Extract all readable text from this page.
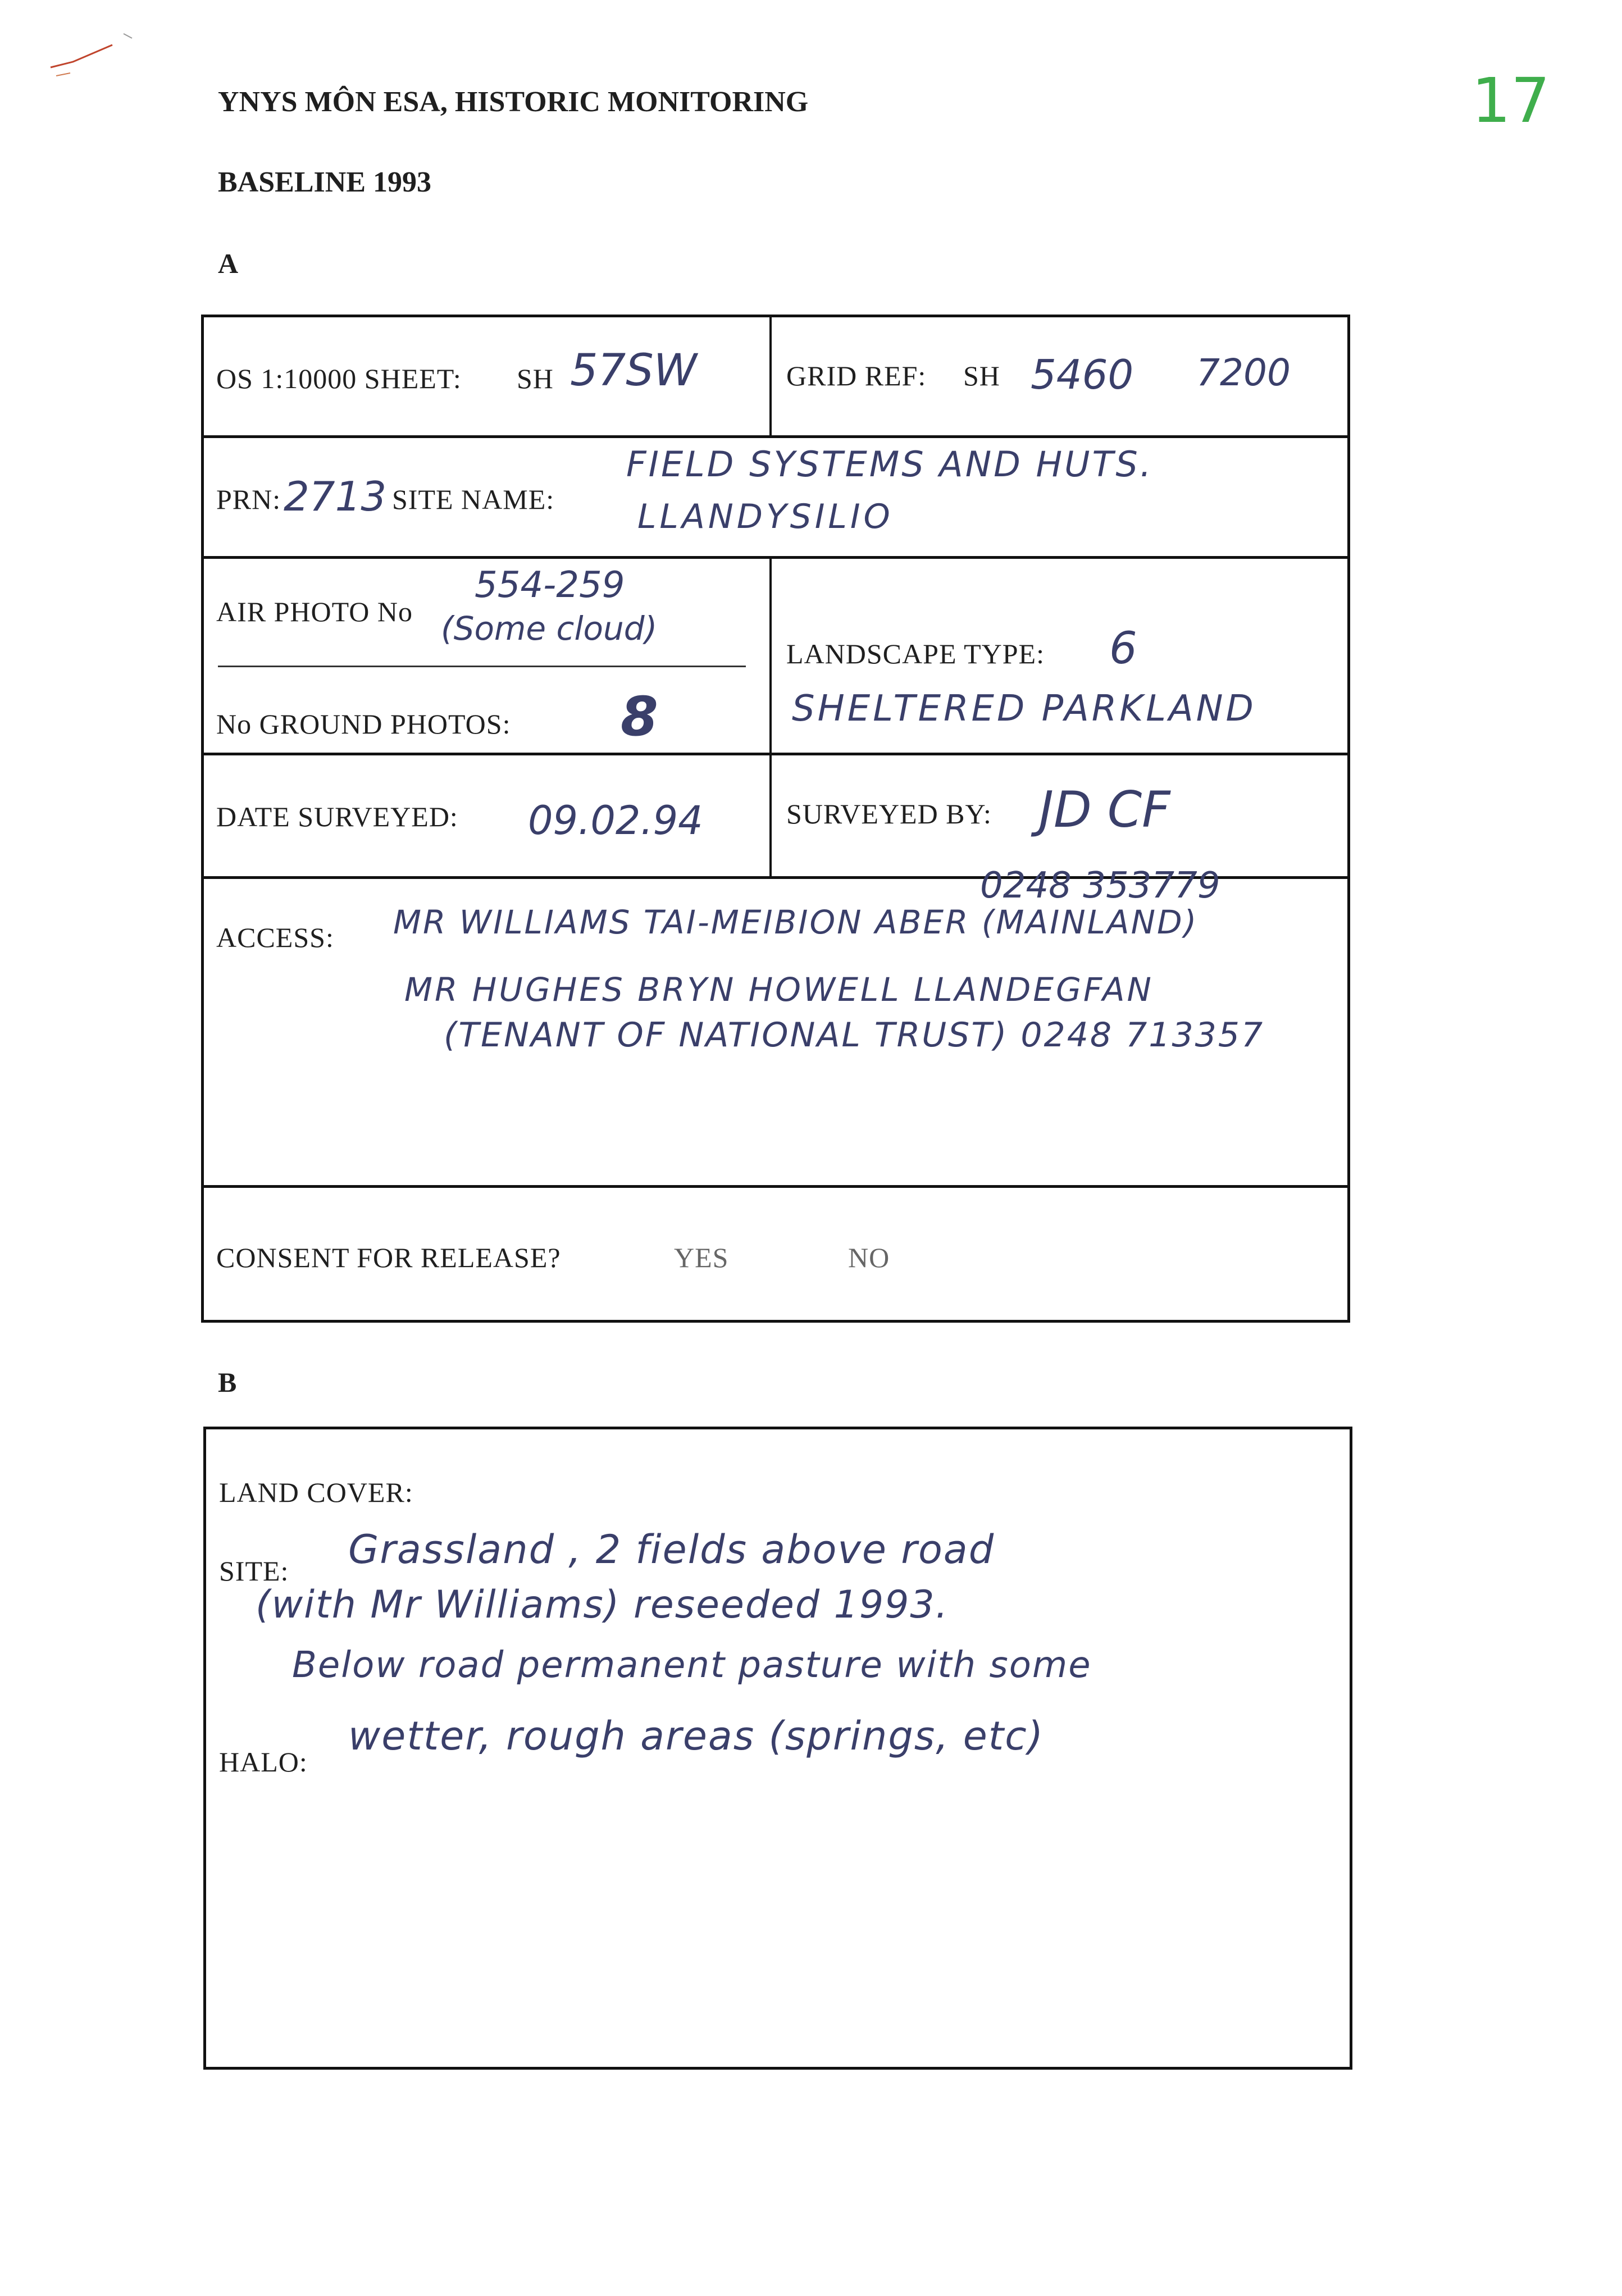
17
YNYS MÔN ESA, HISTORIC MONITORING
BASELINE 1993
A
OS 1:10000 SHEET: SH 57SW	GRID REF: SH 5460 7200
PRN: 2713 SITE NAME:
FIELD SYSTEMS AND HUTS.
LLANDYSILIO
AIR PHOTO No
554-259
(Some cloud)
No GROUND PHOTOS: 8
LANDSCAPE TYPE: 6
SHELTERED PARKLAND
DATE SURVEYED: 09.02.94	SURVEYED BY: JD CF
ACCESS:
0248 353779
MR WILLIAMS TAI-MEIBION ABER (MAINLAND)
MR HUGHES BRYN HOWELL LLANDEGFAN
(TENANT OF NATIONAL TRUST) 0248 713357
CONSENT FOR RELEASE?	YES	NO
B
LAND COVER:
SITE: Grassland , 2 fields above road
(with Mr Williams) reseeded 1993.
Below road permanent pasture with some
HALO:
wetter, rough areas (springs, etc)
